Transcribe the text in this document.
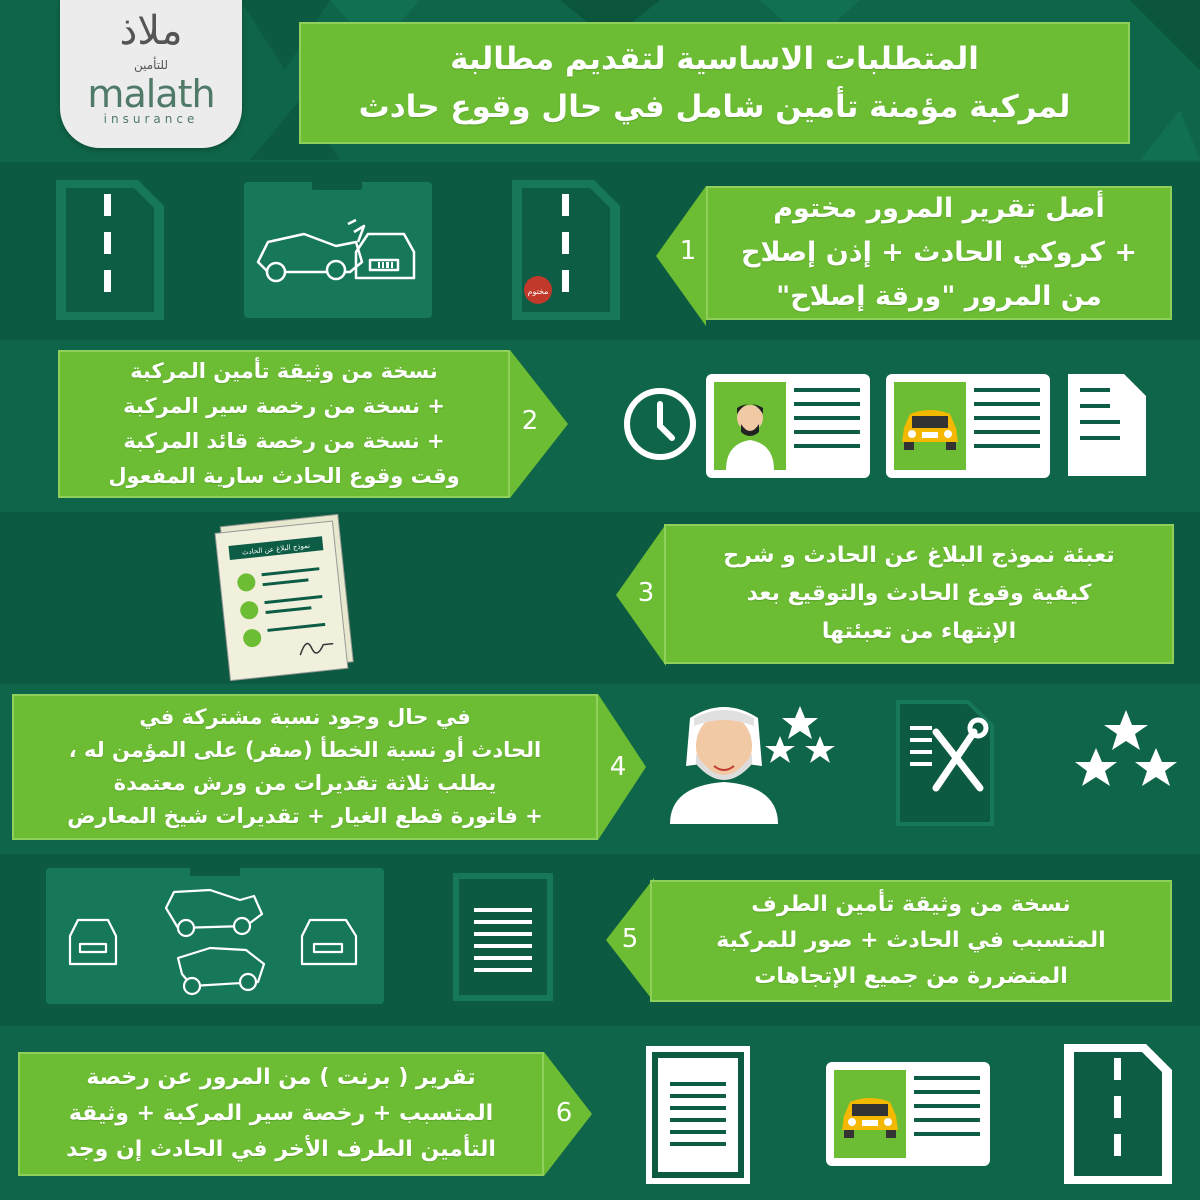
ملاذ
للتأمين
malath
insurance
المتطلبات الاساسية لتقديم مطالبة
لمركبة مؤمنة تأمين شامل في حال وقوع حادث
1
أصل تقرير المرور مختوم
+ كروكي الحادث + إذن إصلاح
من المرور "ورقة إصلاح"
مختوم
نسخة من وثيقة تأمين المركبة
+ نسخة من رخصة سير المركبة
+ نسخة من رخصة قائد المركبة
وقت وقوع الحادث سارية المفعول
2
3
تعبئة نموذج البلاغ عن الحادث و شرح
كيفية وقوع الحادث والتوقيع بعد
الإنتهاء من تعبئتها
نموذج البلاغ عن الحادث
في حال وجود نسبة مشتركة في
الحادث أو نسبة الخطأ (صفر) على المؤمن له ،
يطلب ثلاثة تقديرات من ورش معتمدة
+ فاتورة قطع الغيار + تقديرات شيخ المعارض
4
5
نسخة من وثيقة تأمين الطرف
المتسبب في الحادث + صور للمركبة
المتضررة من جميع الإتجاهات
تقرير ( برنت ) من المرور عن رخصة
المتسبب + رخصة سير المركبة + وثيقة
التأمين الطرف الأخر في الحادث إن وجد
6
